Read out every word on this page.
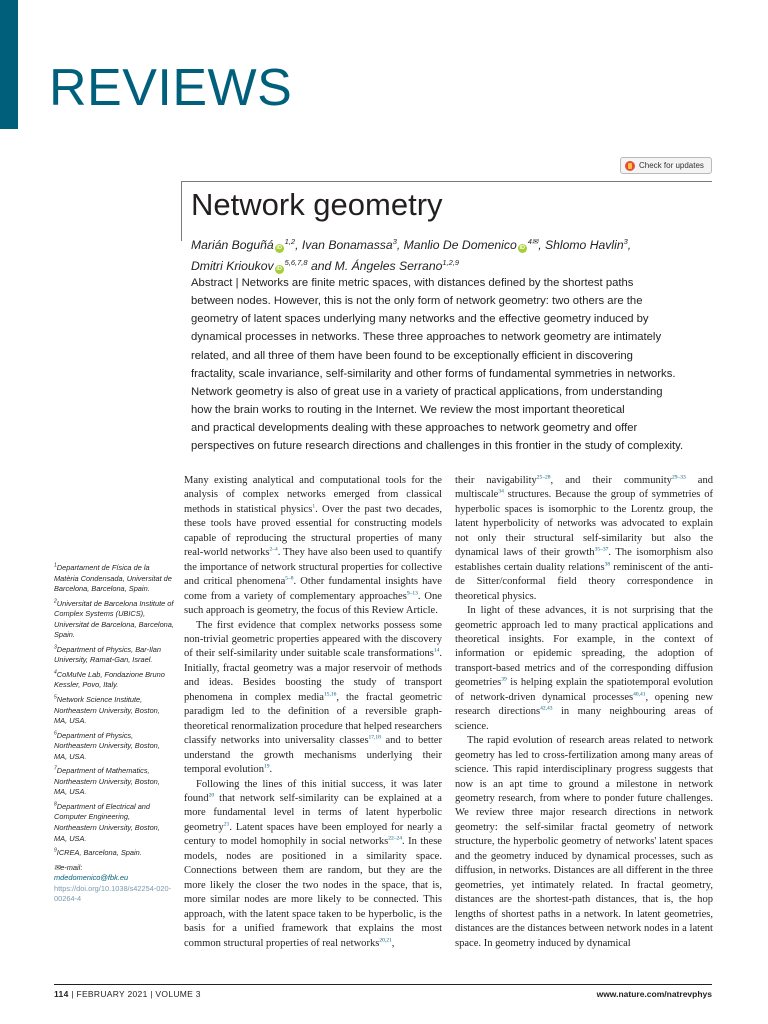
REVIEWS
Check for updates
Network geometry
Marián Boguñá iD$^{1,2}$, Ivan Bonamassa$^3$, Manlio De Domenico $iD^{4✉}$, Shlomo Havlin$^3$,
Dmitri Krioukov iD$^{5,6,7,8}$ and M. Ángeles Serrano$^{1,2,9}$
Abstract | Networks are finite metric spaces, with distances defined by the shortest paths
between nodes. However, this is not the only form of network geometry: two others are the
geometry of latent spaces underlying many networks and the effective geometry induced by
dynamical processes in networks. These three approaches to network geometry are intimately
related, and all three of them have been found to be exceptionally efficient in discovering
fractality, scale invariance, self-similarity and other forms of fundamental symmetries in networks.
Network geometry is also of great use in a variety of practical applications, from understanding
how the brain works to routing in the Internet. We review the most important theoretical
and practical developments dealing with these approaches to network geometry and offer
perspectives on future research directions and challenges in this frontier in the study of complexity.

$^1$Departament de Física de la Matèria Condensada, Universitat de Barcelona, Barcelona, Spain.

$^2$Universitat de Barcelona Institute of Complex Systems (UBICS), Universitat de Barcelona, Barcelona, Spain.

$^3$Department of Physics, Bar-Ilan University, Ramat-Gan, Israel.

$^4$CoMuNe Lab, Fondazione Bruno Kessler, Povo, Italy.

$^5$Network Science Institute, Northeastern University, Boston, MA, USA.

$^6$Department of Physics, Northeastern University, Boston, MA, USA.

$^7$Department of Mathematics, Northeastern University, Boston, MA, USA.

$^8$Department of Electrical and Computer Engineering, Northeastern University, Boston, MA, USA.

$^9$ICREA, Barcelona, Spain.

✉e-mail:
mdedomenico@fbk.eu

https://doi.org/10.1038/s42254-020-00264-4

Many existing analytical and computational tools for the analysis of complex networks emerged from classical methods in statistical physics$^1$. Over the past two decades, these tools have proved essential for constructing models capable of reproducing the structural properties of many real-world networks$^{2-4}$. They have also been used to quantify the importance of network structural properties for collective and critical phenomena$^{5-8}$. Other fundamental insights have come from a variety of complementary approaches$^{9-13}$. One such approach is geometry, the focus of this Review Article.

The first evidence that complex networks possess some non-trivial geometric properties appeared with the discovery of their self-similarity under suitable scale transformations$^{14}$. Initially, fractal geometry was a major reservoir of methods and ideas. Besides boosting the study of transport phenomena in complex media$^{15,16}$, the fractal geometric paradigm led to the definition of a reversible graph-theoretical renormalization procedure that helped researchers classify networks into universality classes$^{17,18}$ and to better understand the growth mechanisms underlying their temporal evolution$^{19}$.

Following the lines of this initial success, it was later found$^{20}$ that network self-similarity can be explained at a more fundamental level in terms of latent hyperbolic geometry$^{21}$. Latent spaces have been employed for nearly a century to model homophily in social networks$^{22-24}$. In these models, nodes are positioned in a similarity space. Connections between them are random, but they are the more likely the closer the two nodes in the space, that is, more similar nodes are more likely to be connected. This approach, with the latent space taken to be hyperbolic, is the basis for a unified framework that explains the most common structural properties of real networks$^{20,21}$,

their navigability$^{25-28}$, and their community$^{29-33}$ and multiscale$^{34}$ structures. Because the group of symmetries of hyperbolic spaces is isomorphic to the Lorentz group, the latent hyperbolicity of networks was advocated to explain not only their structural self-similarity but also the dynamical laws of their growth$^{35-37}$. The isomorphism also establishes certain duality relations$^{38}$ reminiscent of the anti-de Sitter/conformal field theory correspondence in theoretical physics.

In light of these advances, it is not surprising that the geometric approach led to many practical applications and theoretical insights. For example, in the context of information or epidemic spreading, the adoption of transport-based metrics and of the corresponding diffusion geometries$^{39}$ is helping explain the spatiotemporal evolution of network-driven dynamical processes$^{40,41}$, opening new research directions$^{42,43}$ in many neighbouring areas of science.

The rapid evolution of research areas related to network geometry has led to cross-fertilization among many areas of science. This rapid interdisciplinary progress suggests that now is an apt time to ground a milestone in network geometry research, from where to ponder future challenges. We review three major research directions in network geometry: the self-similar fractal geometry of network structure, the hyperbolic geometry of networks' latent spaces and the geometry induced by dynamical processes, such as diffusion, in networks. Distances are all different in the three geometries, yet intimately related. In fractal geometry, distances are the shortest-path distances, that is, the hop lengths of shortest paths in a network. In latent geometries, distances are the distances between network nodes in a latent space. In geometry induced by dynamical

114 | FEBRUARY 2021 | VOLUME 3	www.nature.com/natrevphys
